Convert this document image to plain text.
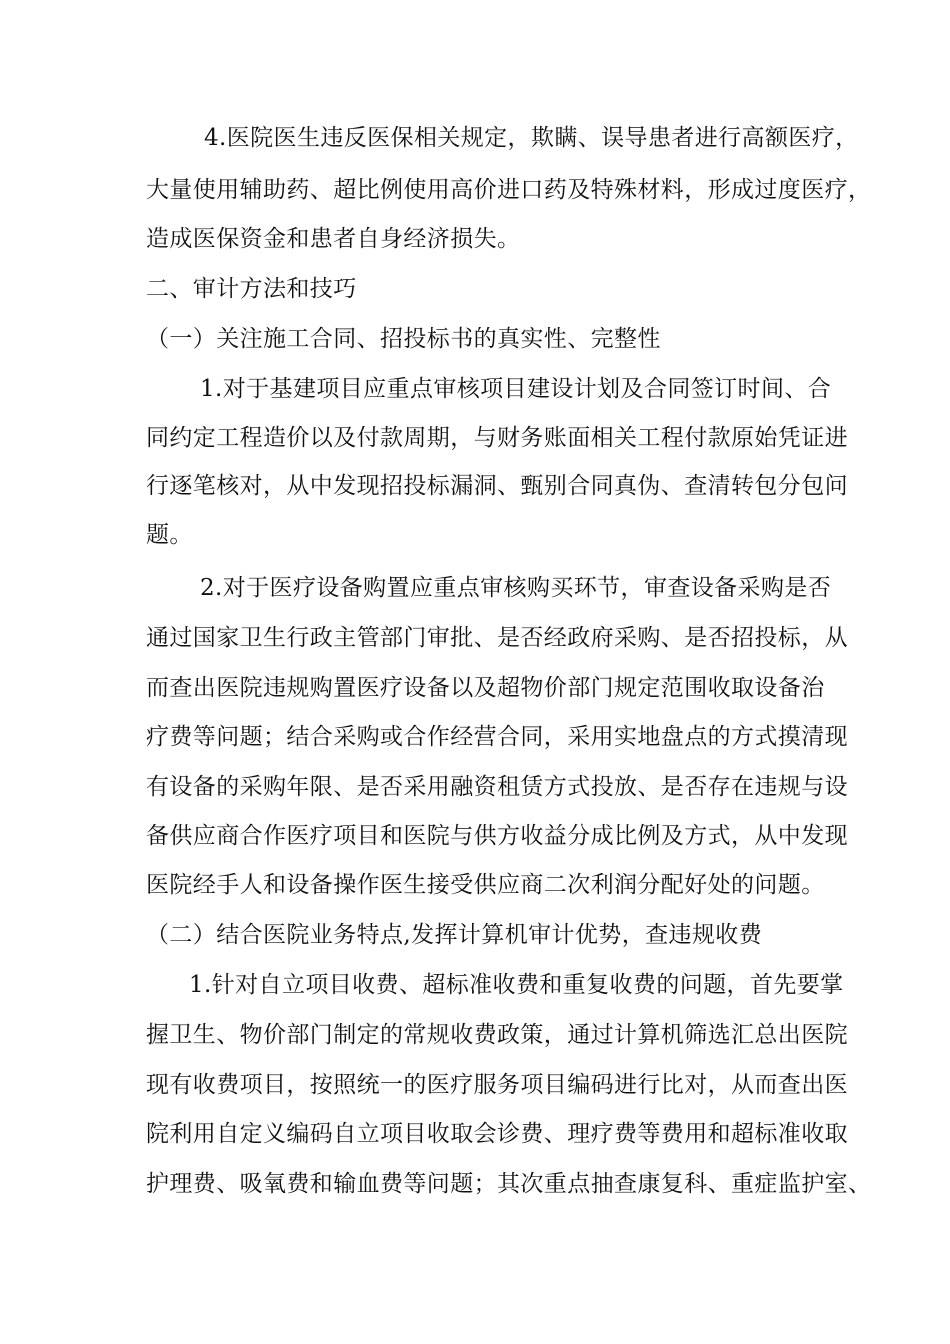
4.医院医生违反医保相关规定，欺瞒、误导患者进行高额医疗，
大量使用辅助药、超比例使用高价进口药及特殊材料，形成过度医疗，
造成医保资金和患者自身经济损失。
二、审计方法和技巧
（一）关注施工合同、招投标书的真实性、完整性
1.对于基建项目应重点审核项目建设计划及合同签订时间、合
同约定工程造价以及付款周期，与财务账面相关工程付款原始凭证进
行逐笔核对，从中发现招投标漏洞、甄别合同真伪、查清转包分包问
题。
2.对于医疗设备购置应重点审核购买环节，审查设备采购是否
通过国家卫生行政主管部门审批、是否经政府采购、是否招投标，从
而查出医院违规购置医疗设备以及超物价部门规定范围收取设备治
疗费等问题；结合采购或合作经营合同，采用实地盘点的方式摸清现
有设备的采购年限、是否采用融资租赁方式投放、是否存在违规与设
备供应商合作医疗项目和医院与供方收益分成比例及方式，从中发现
医院经手人和设备操作医生接受供应商二次利润分配好处的问题。
（二）结合医院业务特点,发挥计算机审计优势，查违规收费
1.针对自立项目收费、超标准收费和重复收费的问题，首先要掌
握卫生、物价部门制定的常规收费政策，通过计算机筛选汇总出医院
现有收费项目，按照统一的医疗服务项目编码进行比对，从而查出医
院利用自定义编码自立项目收取会诊费、理疗费等费用和超标准收取
护理费、吸氧费和输血费等问题；其次重点抽查康复科、重症监护室、
